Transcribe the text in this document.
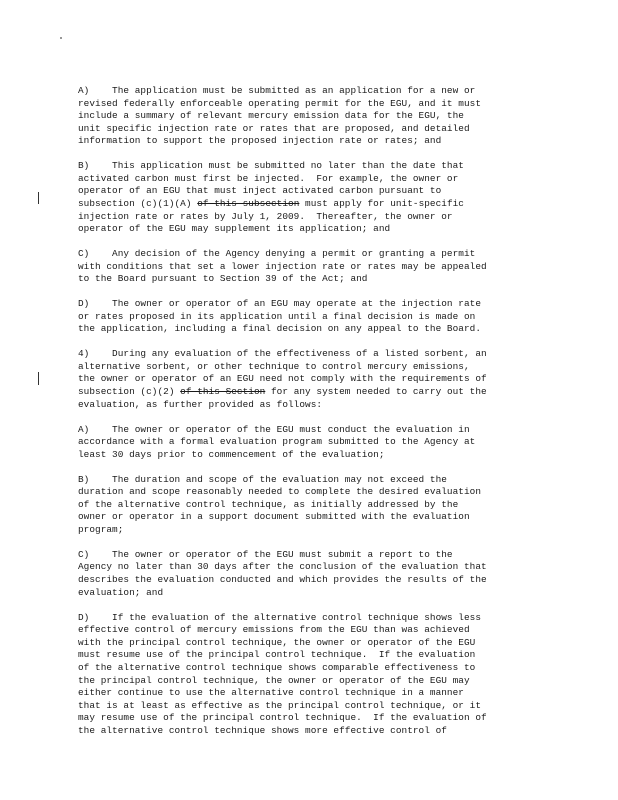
A)    The application must be submitted as an application for a new or
revised federally enforceable operating permit for the EGU, and it must
include a summary of relevant mercury emission data for the EGU, the
unit specific injection rate or rates that are proposed, and detailed
information to support the proposed injection rate or rates; and
B)    This application must be submitted no later than the date that
activated carbon must first be injected.  For example, the owner or
operator of an EGU that must inject activated carbon pursuant to
subsection (c)(1)(A) of this subsection must apply for unit-specific
injection rate or rates by July 1, 2009.  Thereafter, the owner or
operator of the EGU may supplement its application; and
C)    Any decision of the Agency denying a permit or granting a permit
with conditions that set a lower injection rate or rates may be appealed
to the Board pursuant to Section 39 of the Act; and
D)    The owner or operator of an EGU may operate at the injection rate
or rates proposed in its application until a final decision is made on
the application, including a final decision on any appeal to the Board.
4)    During any evaluation of the effectiveness of a listed sorbent, an
alternative sorbent, or other technique to control mercury emissions,
the owner or operator of an EGU need not comply with the requirements of
subsection (c)(2) of this Section for any system needed to carry out the
evaluation, as further provided as follows:
A)    The owner or operator of the EGU must conduct the evaluation in
accordance with a formal evaluation program submitted to the Agency at
least 30 days prior to commencement of the evaluation;
B)    The duration and scope of the evaluation may not exceed the
duration and scope reasonably needed to complete the desired evaluation
of the alternative control technique, as initially addressed by the
owner or operator in a support document submitted with the evaluation
program;
C)    The owner or operator of the EGU must submit a report to the
Agency no later than 30 days after the conclusion of the evaluation that
describes the evaluation conducted and which provides the results of the
evaluation; and
D)    If the evaluation of the alternative control technique shows less
effective control of mercury emissions from the EGU than was achieved
with the principal control technique, the owner or operator of the EGU
must resume use of the principal control technique.  If the evaluation
of the alternative control technique shows comparable effectiveness to
the principal control technique, the owner or operator of the EGU may
either continue to use the alternative control technique in a manner
that is at least as effective as the principal control technique, or it
may resume use of the principal control technique.  If the evaluation of
the alternative control technique shows more effective control of
